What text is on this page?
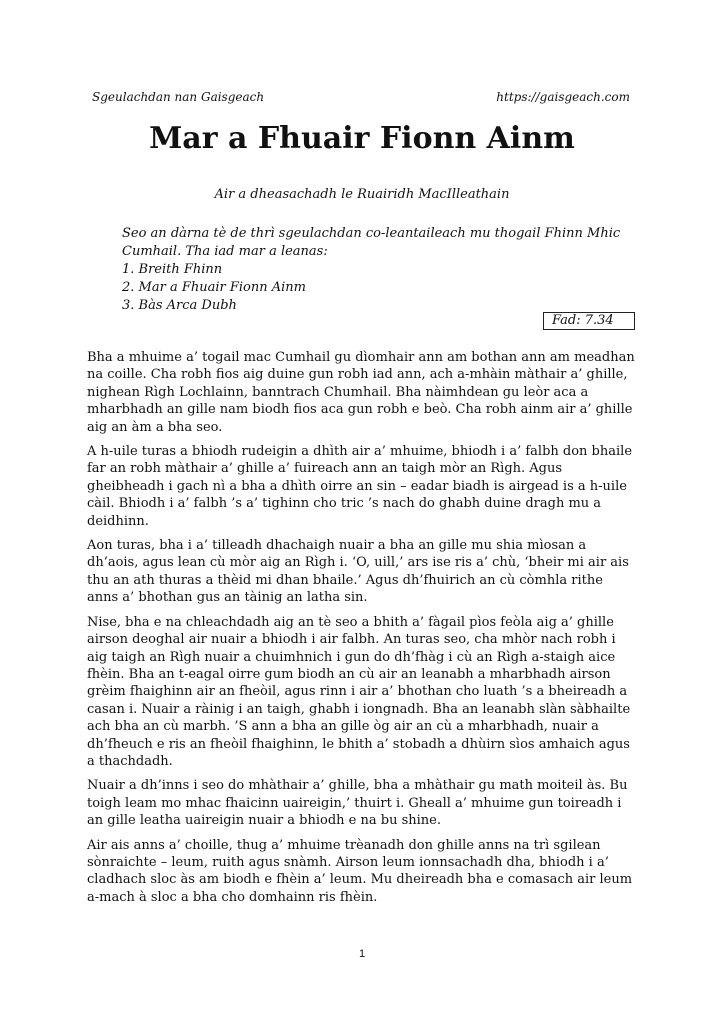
Sgeulachdan nan Gaisgeach	https://gaisgeach.com
Mar a Fhuair Fionn Ainm
Air a dheasachadh le Ruairidh MacIlleathain

Seo an dàrna tè de thrì sgeulachdan co-leantaileach mu thogail Fhinn Mhic Cumhail. Tha iad mar a leanas:

1. Breith Fhinn

2. Mar a Fhuair Fionn Ainm

3. Bàs Arca Dubh

Fad: 7.34

Bha a mhuime a’ togail mac Cumhail gu dìomhair ann am bothan ann am meadhan na coille. Cha robh fios aig duine gun robh iad ann, ach a-mhàin màthair a’ ghille, nighean Rìgh Lochlainn, banntrach Chumhail. Bha nàimhdean gu leòr aca a mharbhadh an gille nam biodh fios aca gun robh e beò. Cha robh ainm air a’ ghille aig an àm a bha seo.

A h-uile turas a bhiodh rudeigin a dhìth air a’ mhuime, bhiodh i a’ falbh don bhaile far an robh màthair a’ ghille a’ fuireach ann an taigh mòr an Rìgh. Agus gheibheadh i gach nì a bha a dhìth oirre an sin – eadar biadh is airgead is a h-uile càil. Bhiodh i a’ falbh ’s a’ tighinn cho tric ’s nach do ghabh duine dragh mu a deidhinn.

Aon turas, bha i a’ tilleadh dhachaigh nuair a bha an gille mu shia mìosan a dh’aois, agus lean cù mòr aig an Rìgh i. ‘O, uill,’ ars ise ris a’ chù, ‘bheir mi air ais thu an ath thuras a thèid mi dhan bhaile.’ Agus dh’fhuirich an cù còmhla rithe anns a’ bhothan gus an tàinig an latha sin.

Nise, bha e na chleachdadh aig an tè seo a bhith a’ fàgail pìos feòla aig a’ ghille airson deoghal air nuair a bhiodh i air falbh. An turas seo, cha mhòr nach robh i aig taigh an Rìgh nuair a chuimhnich i gun do dh’fhàg i cù an Rìgh a-staigh aice fhèin. Bha an t-eagal oirre gum biodh an cù air an leanabh a mharbhadh airson grèim fhaighinn air an fheòil, agus rinn i air a’ bhothan cho luath ’s a bheireadh a casan i. Nuair a ràinig i an taigh, ghabh i iongnadh. Bha an leanabh slàn sàbhailte ach bha an cù marbh. ’S ann a bha an gille òg air an cù a mharbhadh, nuair a dh’fheuch e ris an fheòil fhaighinn, le bhith a’ stobadh a dhùirn sìos amhaich agus a thachdadh.

Nuair a dh’inns i seo do mhàthair a’ ghille, bha a mhàthair gu math moiteil às. Bu toigh leam mo mhac fhaicinn uaireigin,’ thuirt i. Gheall a’ mhuime gun toireadh i an gille leatha uaireigin nuair a bhiodh e na bu shine.

Air ais anns a’ choille, thug a’ mhuime trèanadh don ghille anns na trì sgilean sònraichte – leum, ruith agus snàmh. Airson leum ionnsachadh dha, bhiodh i a’ cladhach sloc às am biodh e fhèin a’ leum. Mu dheireadh bha e comasach air leum a-mach à sloc a bha cho domhainn ris fhèin.

1
